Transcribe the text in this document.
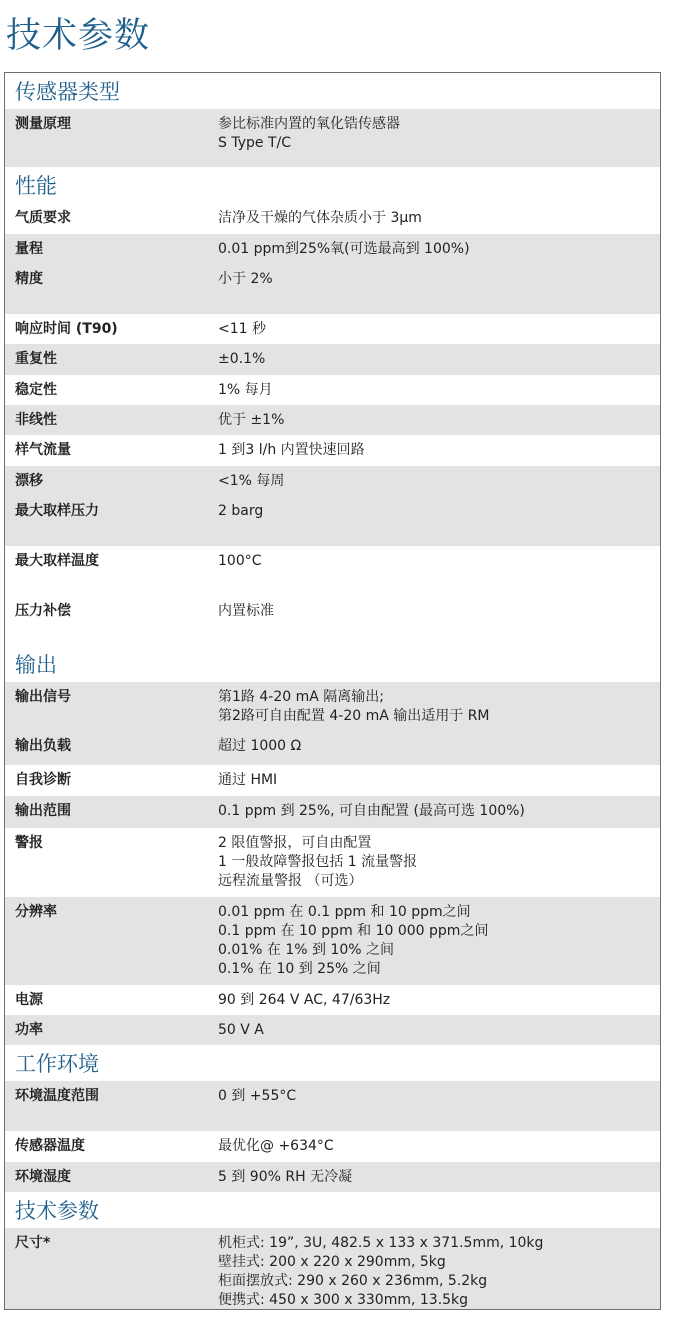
技术参数
传感器类型
测量原理	参比标准内置的氧化锆传感器
S Type T/C
性能
气质要求	洁净及干燥的气体杂质小于 3μm
量程	0.01 ppm到25%氧(可选最高到 100%)
精度	小于 2%
响应时间 (T90)	<11 秒
重复性	±0.1%
稳定性	1% 每月
非线性	优于 ±1%
样气流量	1 到3 l/h 内置快速回路
漂移	<1% 每周
最大取样压力	2 barg
最大取样温度	100°C
压力补偿	内置标准
输出
输出信号	第1路 4-20 mA 隔离输出;
第2路可自由配置 4-20 mA 输出适用于 RM
输出负载	超过 1000 Ω
自我诊断	通过 HMI
输出范围	0.1 ppm 到 25%, 可自由配置 (最高可选 100%)
警报	2 限值警报，可自由配置
1 一般故障警报包括 1 流量警报
远程流量警报 （可选）
分辨率	0.01 ppm 在 0.1 ppm 和 10 ppm之间
0.1 ppm 在 10 ppm 和 10 000 ppm之间
0.01% 在 1% 到 10% 之间
0.1% 在 10 到 25% 之间
电源	90 到 264 V AC, 47/63Hz
功率	50 V A
工作环境
环境温度范围	0 到 +55°C
传感器温度	最优化@ +634°C
环境湿度	5 到 90% RH 无冷凝
技术参数
尺寸*	机柜式: 19”, 3U, 482.5 x 133 x 371.5mm, 10kg
壁挂式: 200 x 220 x 290mm, 5kg
柜面摆放式: 290 x 260 x 236mm, 5.2kg
便携式: 450 x 300 x 330mm, 13.5kg
